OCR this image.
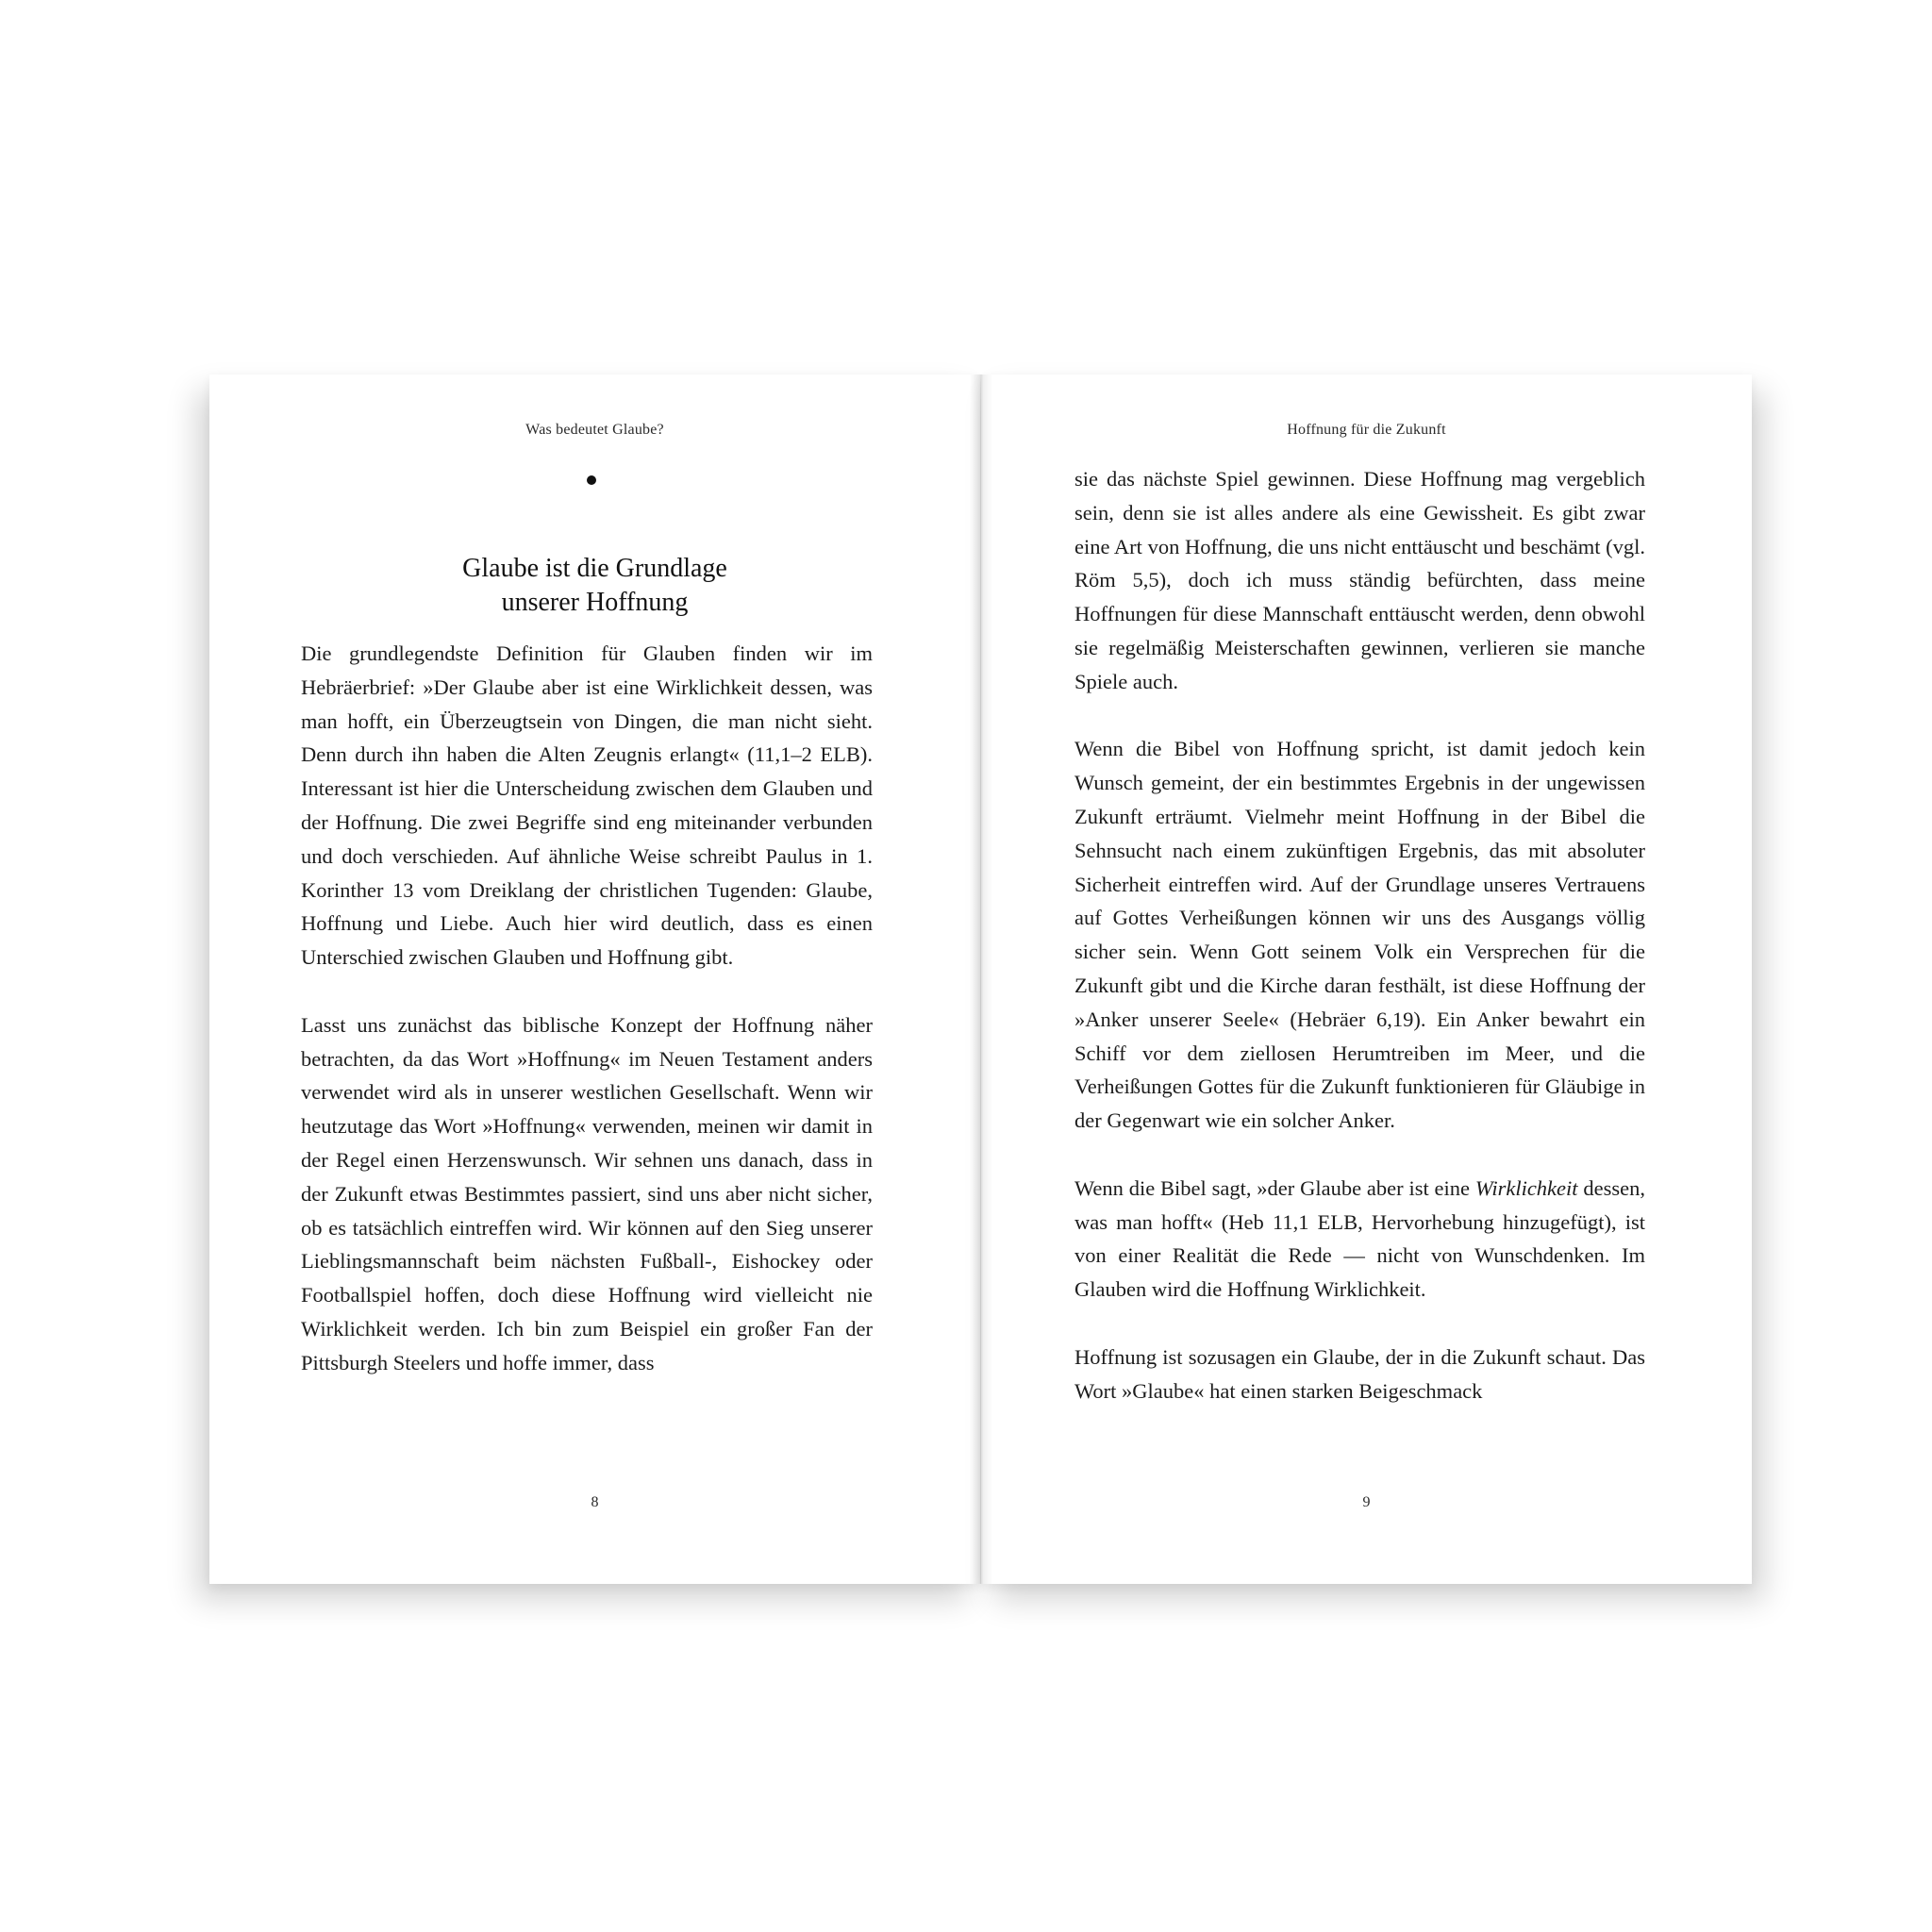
Was bedeutet Glaube?
Glaube ist die Grundlage
unserer Hoffnung

Die grundlegendste Definition für Glauben finden wir im Hebräerbrief: »Der Glaube aber ist eine Wirklichkeit dessen, was man hofft, ein Überzeugtsein von Dingen, die man nicht sieht. Denn durch ihn haben die Alten Zeugnis erlangt« (11,1–2 ELB). Interessant ist hier die Unterscheidung zwischen dem Glauben und der Hoffnung. Die zwei Begriffe sind eng miteinander verbunden und doch verschieden. Auf ähnliche Weise schreibt Paulus in 1. Korinther 13 vom Dreiklang der christlichen Tugenden: Glaube, Hoffnung und Liebe. Auch hier wird deutlich, dass es einen Unterschied zwischen Glauben und Hoffnung gibt.

Lasst uns zunächst das biblische Konzept der Hoffnung näher betrachten, da das Wort »Hoffnung« im Neuen Testament anders verwendet wird als in unserer westlichen Gesellschaft. Wenn wir heutzutage das Wort »Hoffnung« verwenden, meinen wir damit in der Regel einen Herzenswunsch. Wir sehnen uns danach, dass in der Zukunft etwas Bestimmtes passiert, sind uns aber nicht sicher, ob es tatsächlich eintreffen wird. Wir können auf den Sieg unserer Lieblingsmannschaft beim nächsten Fußball-, Eishockey oder Footballspiel hoffen, doch diese Hoffnung wird vielleicht nie Wirklichkeit werden. Ich bin zum Beispiel ein großer Fan der Pittsburgh Steelers und hoffe immer, dass

8
Hoffnung für die Zukunft

sie das nächste Spiel gewinnen. Diese Hoffnung mag vergeblich sein, denn sie ist alles andere als eine Gewissheit. Es gibt zwar eine Art von Hoffnung, die uns nicht enttäuscht und beschämt (vgl. Röm 5,5), doch ich muss ständig befürchten, dass meine Hoffnungen für diese Mannschaft enttäuscht werden, denn obwohl sie regelmäßig Meisterschaften gewinnen, verlieren sie manche Spiele auch.

Wenn die Bibel von Hoffnung spricht, ist damit jedoch kein Wunsch gemeint, der ein bestimmtes Ergebnis in der ungewissen Zukunft erträumt. Vielmehr meint Hoffnung in der Bibel die Sehnsucht nach einem zukünftigen Ergebnis, das mit absoluter Sicherheit eintreffen wird. Auf der Grundlage unseres Vertrauens auf Gottes Verheißungen können wir uns des Ausgangs völlig sicher sein. Wenn Gott seinem Volk ein Versprechen für die Zukunft gibt und die Kirche daran festhält, ist diese Hoffnung der »Anker unserer Seele« (Hebräer 6,19). Ein Anker bewahrt ein Schiff vor dem ziellosen Herumtreiben im Meer, und die Verheißungen Gottes für die Zukunft funktionieren für Gläubige in der Gegenwart wie ein solcher Anker.

Wenn die Bibel sagt, »der Glaube aber ist eine Wirklichkeit dessen, was man hofft« (Heb 11,1 ELB, Hervorhebung hinzugefügt), ist von einer Realität die Rede — nicht von Wunschdenken. Im Glauben wird die Hoffnung Wirklichkeit.

Hoffnung ist sozusagen ein Glaube, der in die Zukunft schaut. Das Wort »Glaube« hat einen starken Beigeschmack

9
